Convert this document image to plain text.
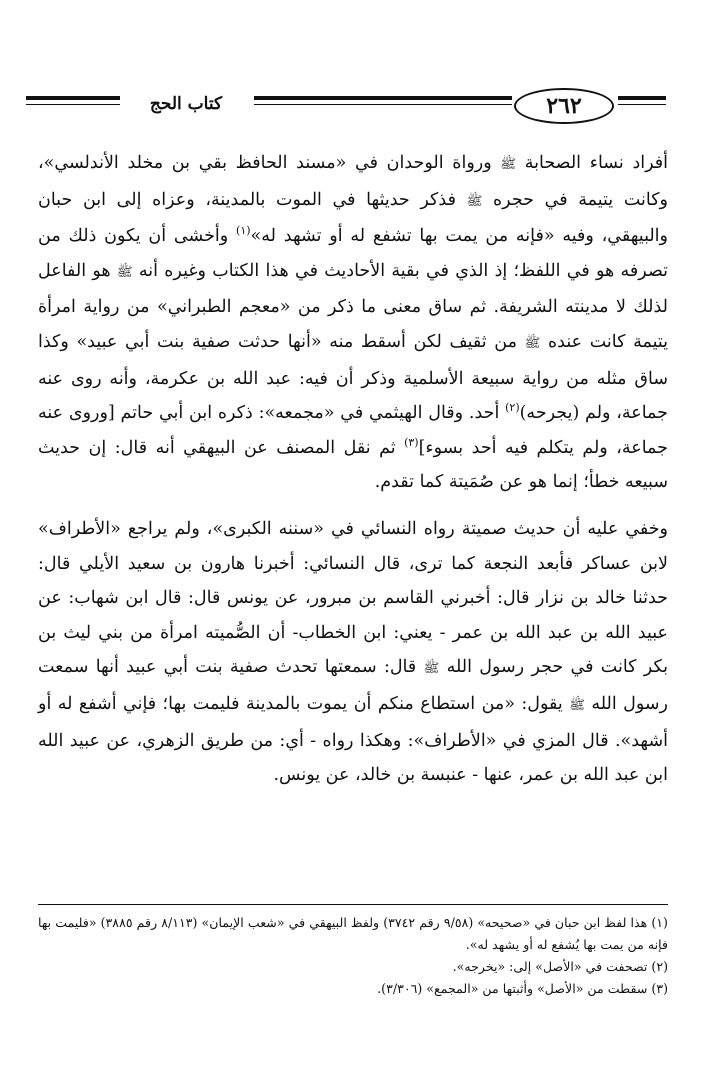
٢٦٢
كتاب الحج

أفراد نساء الصحابة ﷺ ورواة الوحدان في «مسند الحافظ بقي بن مخلد الأندلسي»، وكانت يتيمة في حجره ﷺ فذكر حديثها في الموت بالمدينة، وعزاه إلى ابن حبان والبيهقي، وفيه «فإنه من يمت بها تشفع له أو تشهد له»$^{(١)}$ وأخشى أن يكون ذلك من تصرفه هو في اللفظ؛ إذ الذي في بقية الأحاديث في هذا الكتاب وغيره أنه ﷺ هو الفاعل لذلك لا مدينته الشريفة. ثم ساق معنى ما ذكر من «معجم الطبراني» من رواية امرأة يتيمة كانت عنده ﷺ من ثقيف لكن أسقط منه «أنها حدثت صفية بنت أبي عبيد» وكذا ساق مثله من رواية سبيعة الأسلمية وذكر أن فيه: عبد الله بن عكرمة، وأنه روى عنه جماعة، ولم (يجرحه)$^{(٢)}$ أحد. وقال الهيثمي في «مجمعه»: ذكره ابن أبي حاتم [وروى عنه جماعة، ولم يتكلم فيه أحد بسوء]$^{(٣)}$ ثم نقل المصنف عن البيهقي أنه قال: إن حديث سبيعه خطأ؛ إنما هو عن صُمَيتة كما تقدم.

وخفي عليه أن حديث صميتة رواه النسائي في «سننه الكبرى»، ولم يراجع «الأطراف» لابن عساكر فأبعد النجعة كما ترى، قال النسائي: أخبرنا هارون بن سعيد الأيلي قال: حدثنا خالد بن نزار قال: أخبرني القاسم بن مبرور، عن يونس قال: قال ابن شهاب: عن عبيد الله بن عبد الله بن عمر - يعني: ابن الخطاب- أن الصُّميته امرأة من بني ليث بن بكر كانت في حجر رسول الله ﷺ قال: سمعتها تحدث صفية بنت أبي عبيد أنها سمعت رسول الله ﷺ يقول: «من استطاع منكم أن يموت بالمدينة فليمت بها؛ فإني أشفع له أو أشهد». قال المزي في «الأطراف»: وهكذا رواه - أي: من طريق الزهري، عن عبيد الله ابن عبد الله بن عمر، عنها - عنبسة بن خالد، عن يونس.

(١) هذا لفظ ابن حبان في «صحيحه» (٩/٥٨ رقم ٣٧٤٢) ولفظ البيهقي في «شعب الإيمان» (٨/١١٣ رقم ٣٨٨٥) «فليمت بها فإنه من يمت بها يُشفع له أو يشهد له».

(٢) تصحفت في «الأصل» إلى: «يخرجه».

(٣) سقطت من «الأصل» وأثبتها من «المجمع» (٣/٣٠٦).
